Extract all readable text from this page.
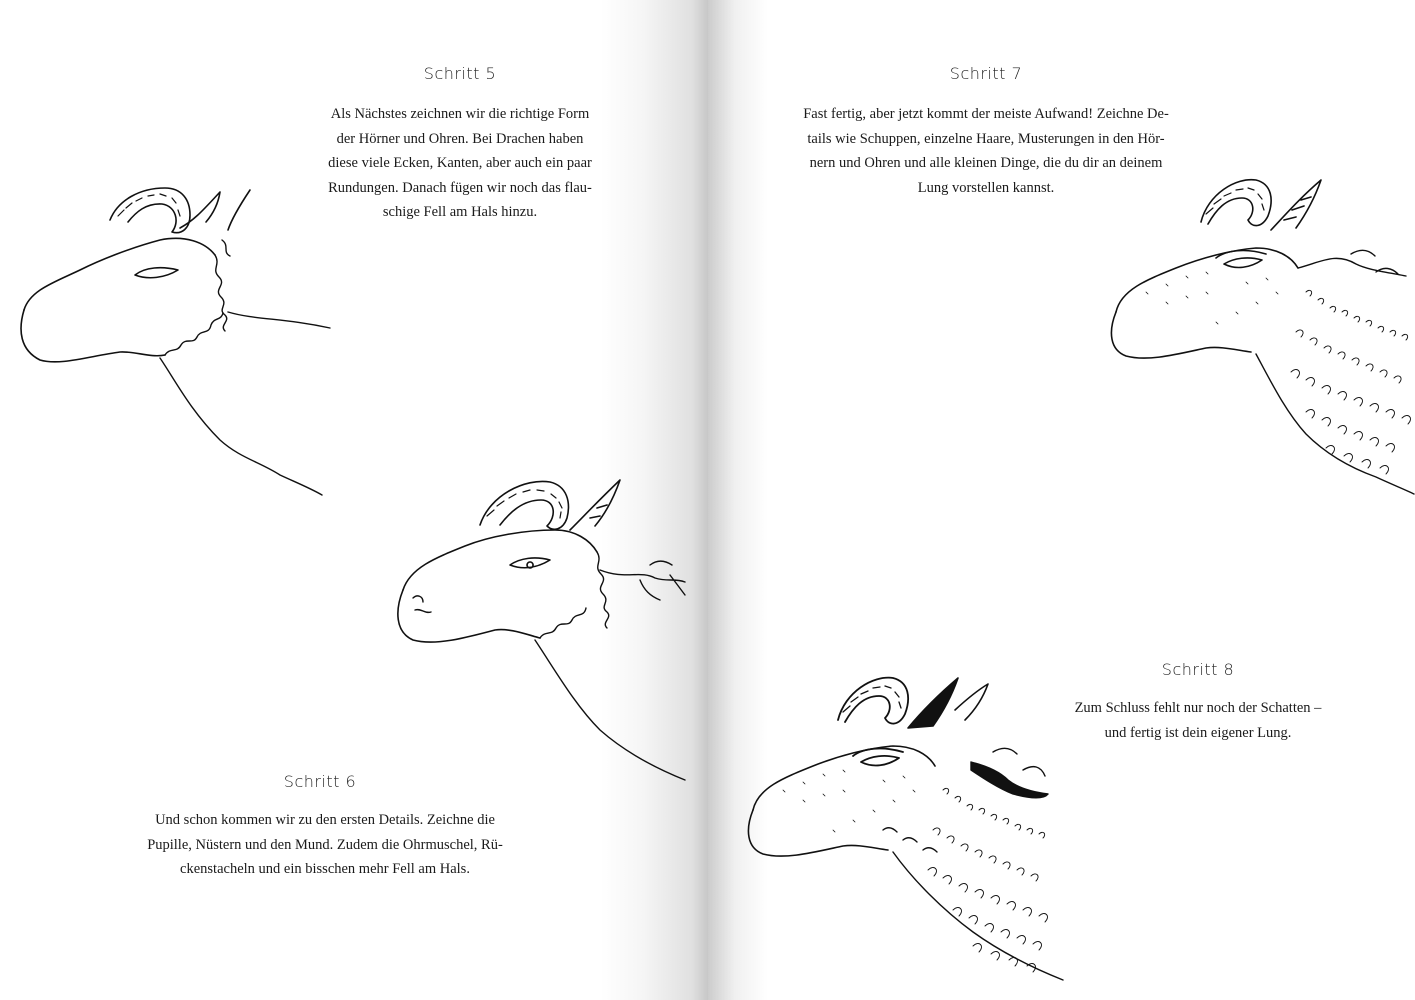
Schritt 5
Als Nächstes zeichnen wir die richtige Form
der Hörner und Ohren. Bei Drachen haben
diese viele Ecken, Kanten, aber auch ein paar
Rundungen. Danach fügen wir noch das flau-
schige Fell am Hals hinzu.
Schritt 6
Und schon kommen wir zu den ersten Details. Zeichne die
Pupille, Nüstern und den Mund. Zudem die Ohrmuschel, Rü-
ckenstacheln und ein bisschen mehr Fell am Hals.
Schritt 7
Fast fertig, aber jetzt kommt der meiste Aufwand! Zeichne De-
tails wie Schuppen, einzelne Haare, Musterungen in den Hör-
nern und Ohren und alle kleinen Dinge, die du dir an deinem
Lung vorstellen kannst.
Schritt 8
Zum Schluss fehlt nur noch der Schatten –
und fertig ist dein eigener Lung.
